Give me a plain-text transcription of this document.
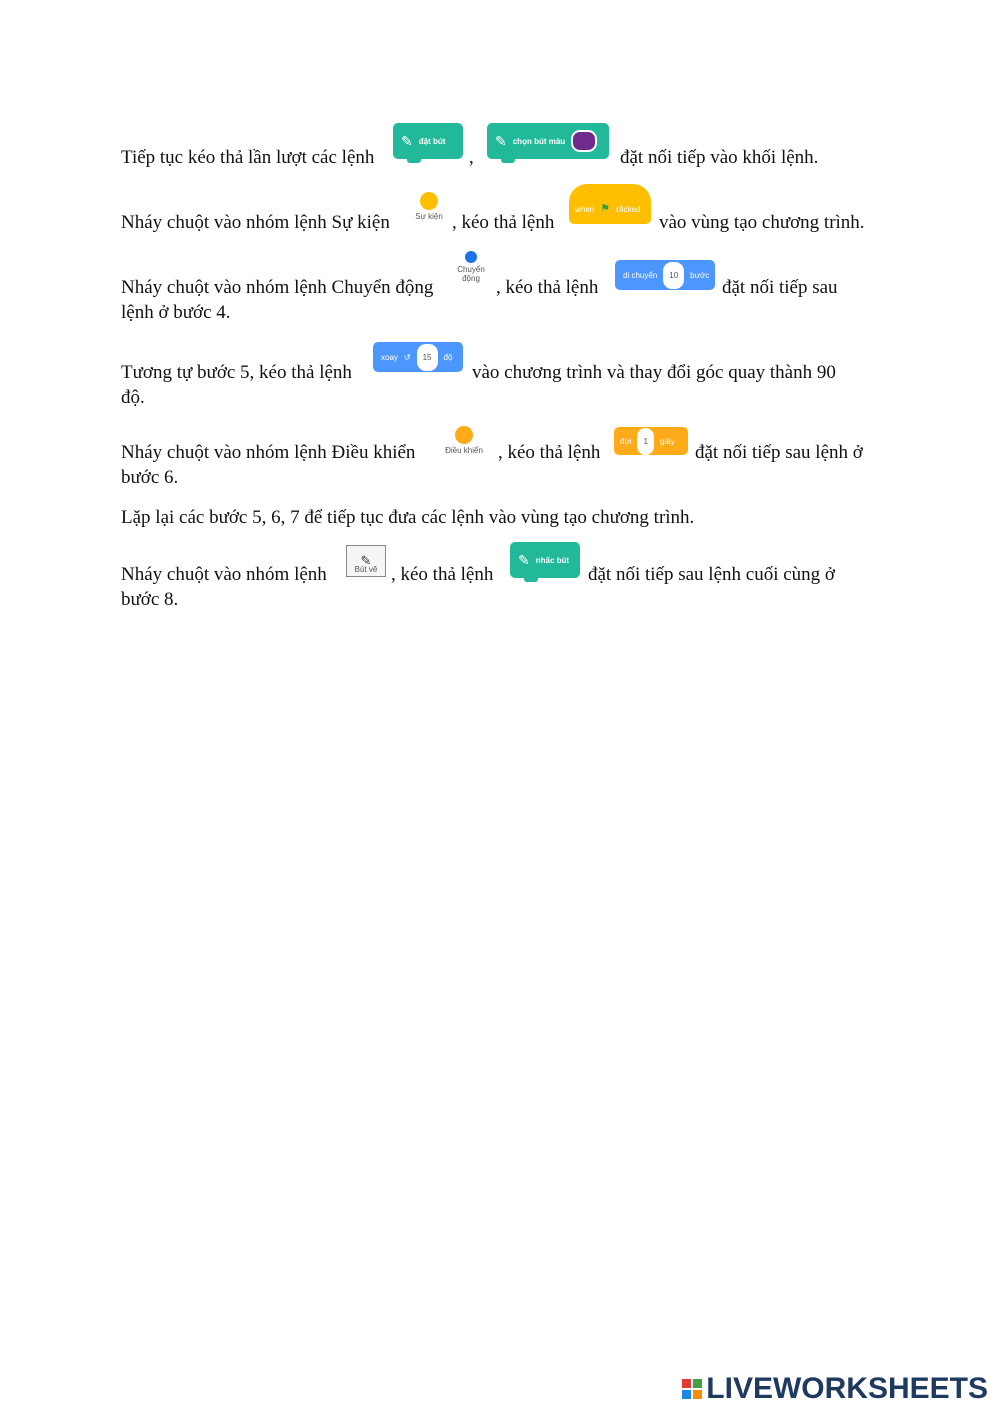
Tiếp tục kéo thả lần lượt các lệnh
✎ đặt bút
,
✎ chọn bút màu
đặt nối tiếp vào khối lệnh.
Nháy chuột vào nhóm lệnh Sự kiện	Sự kiện , kéo thả lệnh
when ⚑ clicked
vào vùng tạo chương trình.
Nháy chuột vào nhóm lệnh Chuyển động
Chuyển
động , kéo thả lệnh
di chuyển	10	bước
đặt nối tiếp sau
lệnh ở bước 4.
Tương tự bước 5, kéo thả lệnh
xoay ↺	15	độ
vào chương trình và thay đổi góc quay thành 90
độ.
Nháy chuột vào nhóm lệnh Điều khiển	Điều khiển , kéo thả lệnh
đợi	1	giây
đặt nối tiếp sau lệnh ở
bước 6.
Lặp lại các bước 5, 6, 7 để tiếp tục đưa các lệnh vào vùng tạo chương trình.
Nháy chuột vào nhóm lệnh
✎
Bút vẽ , kéo thả lệnh
✎ nhấc bút
đặt nối tiếp sau lệnh cuối cùng ở
bước 8.
LIVEWORKSHEETS
